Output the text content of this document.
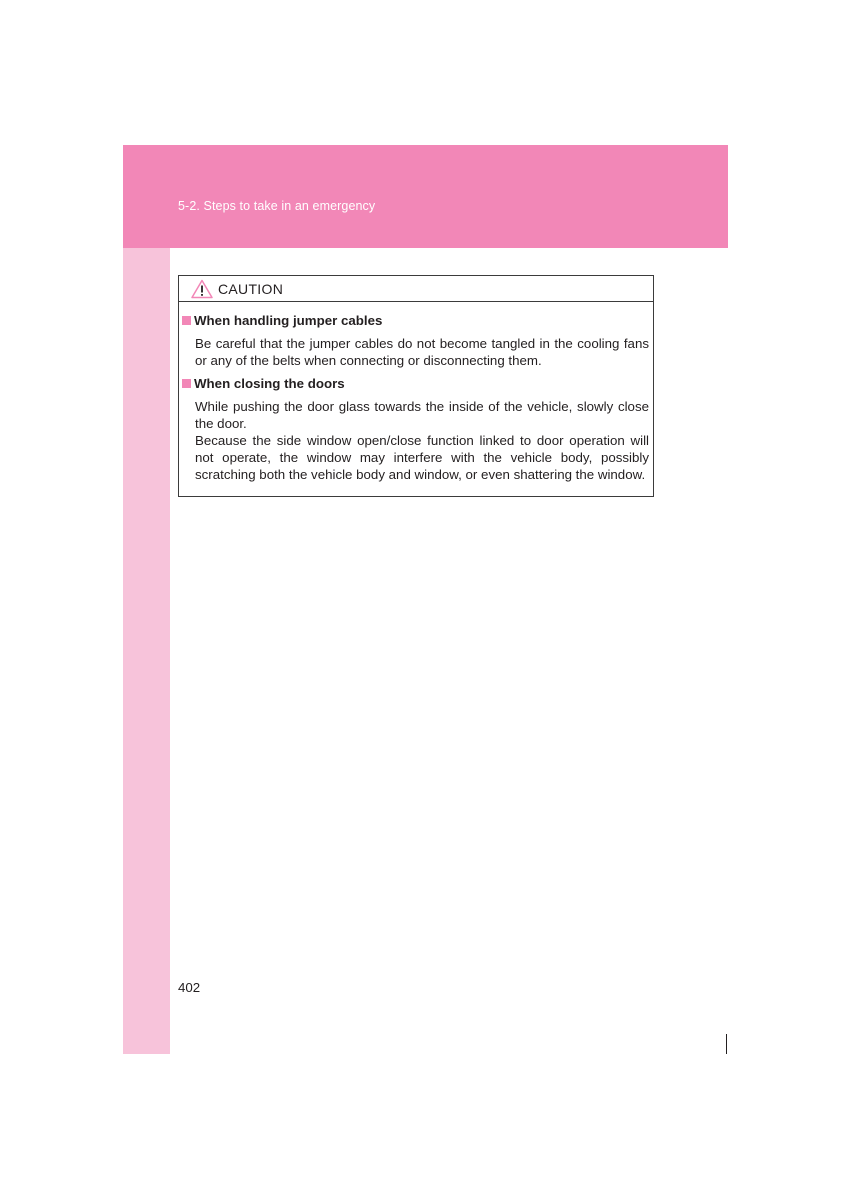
5-2. Steps to take in an emergency
CAUTION
When handling jumper cables

Be careful that the jumper cables do not become tangled in the cooling fans or any of the belts when connecting or disconnecting them.

When closing the doors

While pushing the door glass towards the inside of the vehicle, slowly close the door.

Because the side window open/close function linked to door operation will not operate, the window may interfere with the vehicle body, possibly scratching both the vehicle body and window, or even shattering the window.

402
